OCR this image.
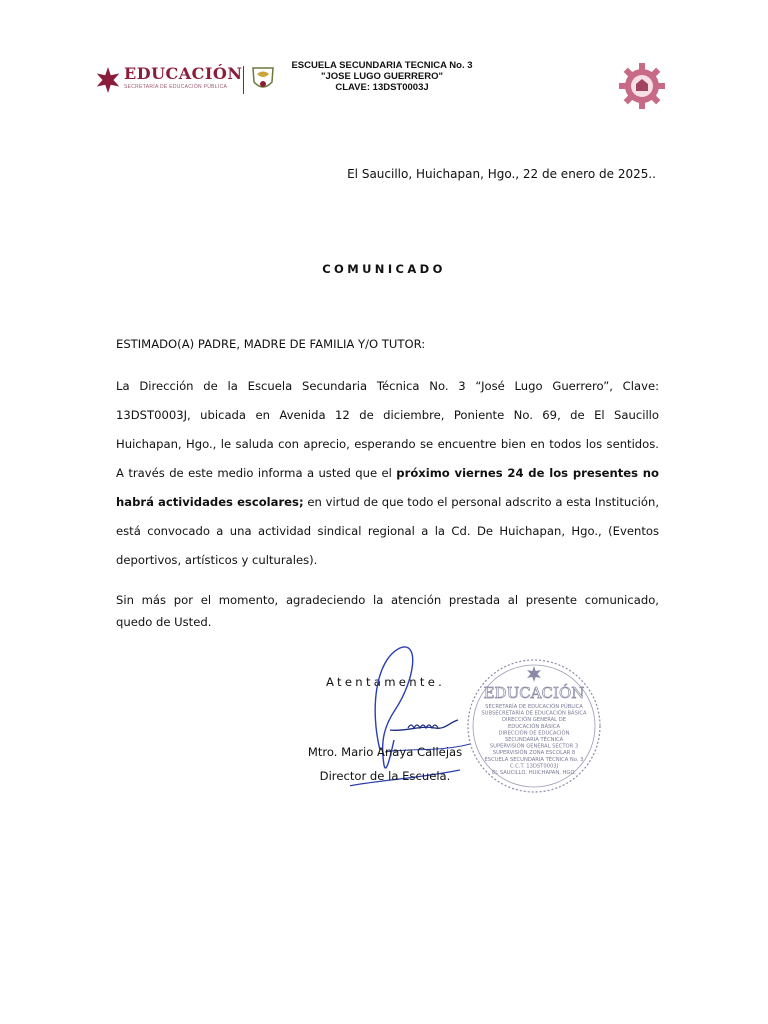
EDUCACIÓN
SECRETARÍA DE EDUCACIÓN PÚBLICA
ESCUELA SECUNDARIA TECNICA No. 3
"JOSE LUGO GUERRERO"
CLAVE: 13DST0003J
El Saucillo, Huichapan, Hgo., 22 de enero de 2025..
COMUNICADO
ESTIMADO(A) PADRE, MADRE DE FAMILIA Y/O TUTOR:
La Dirección de la Escuela Secundaria Técnica No. 3 “José Lugo Guerrero”, Clave:
13DST0003J, ubicada en Avenida 12 de diciembre, Poniente No. 69, de El Saucillo
Huichapan, Hgo., le saluda con aprecio, esperando se encuentre bien en todos los sentidos.
A través de este medio informa a usted que el próximo viernes 24 de los presentes no
habrá actividades escolares; en virtud de que todo el personal adscrito a esta Institución,
está convocado a una actividad sindical regional a la Cd. De Huichapan, Hgo., (Eventos
deportivos, artísticos y culturales).
Sin más por el momento, agradeciendo la atención prestada al presente comunicado,
quedo de Usted.
Atentamente.
Mtro. Mario Anaya Callejas
Director de la Escuela.
EDUCACIÓN
SECRETARÍA DE EDUCACIÓN PÚBLICA
SUBSECRETARÍA DE EDUCACIÓN BÁSICA
DIRECCIÓN GENERAL DE
EDUCACIÓN BÁSICA
DIRECCIÓN DE EDUCACIÓN
SECUNDARIA TÉCNICA
SUPERVISIÓN GENERAL SECTOR 3
SUPERVISIÓN ZONA ESCOLAR 8
ESCUELA SECUNDARIA TÉCNICA No. 3
C.C.T. 13DST0003J
EL SAUCILLO, HUICHAPAN, HGO.
